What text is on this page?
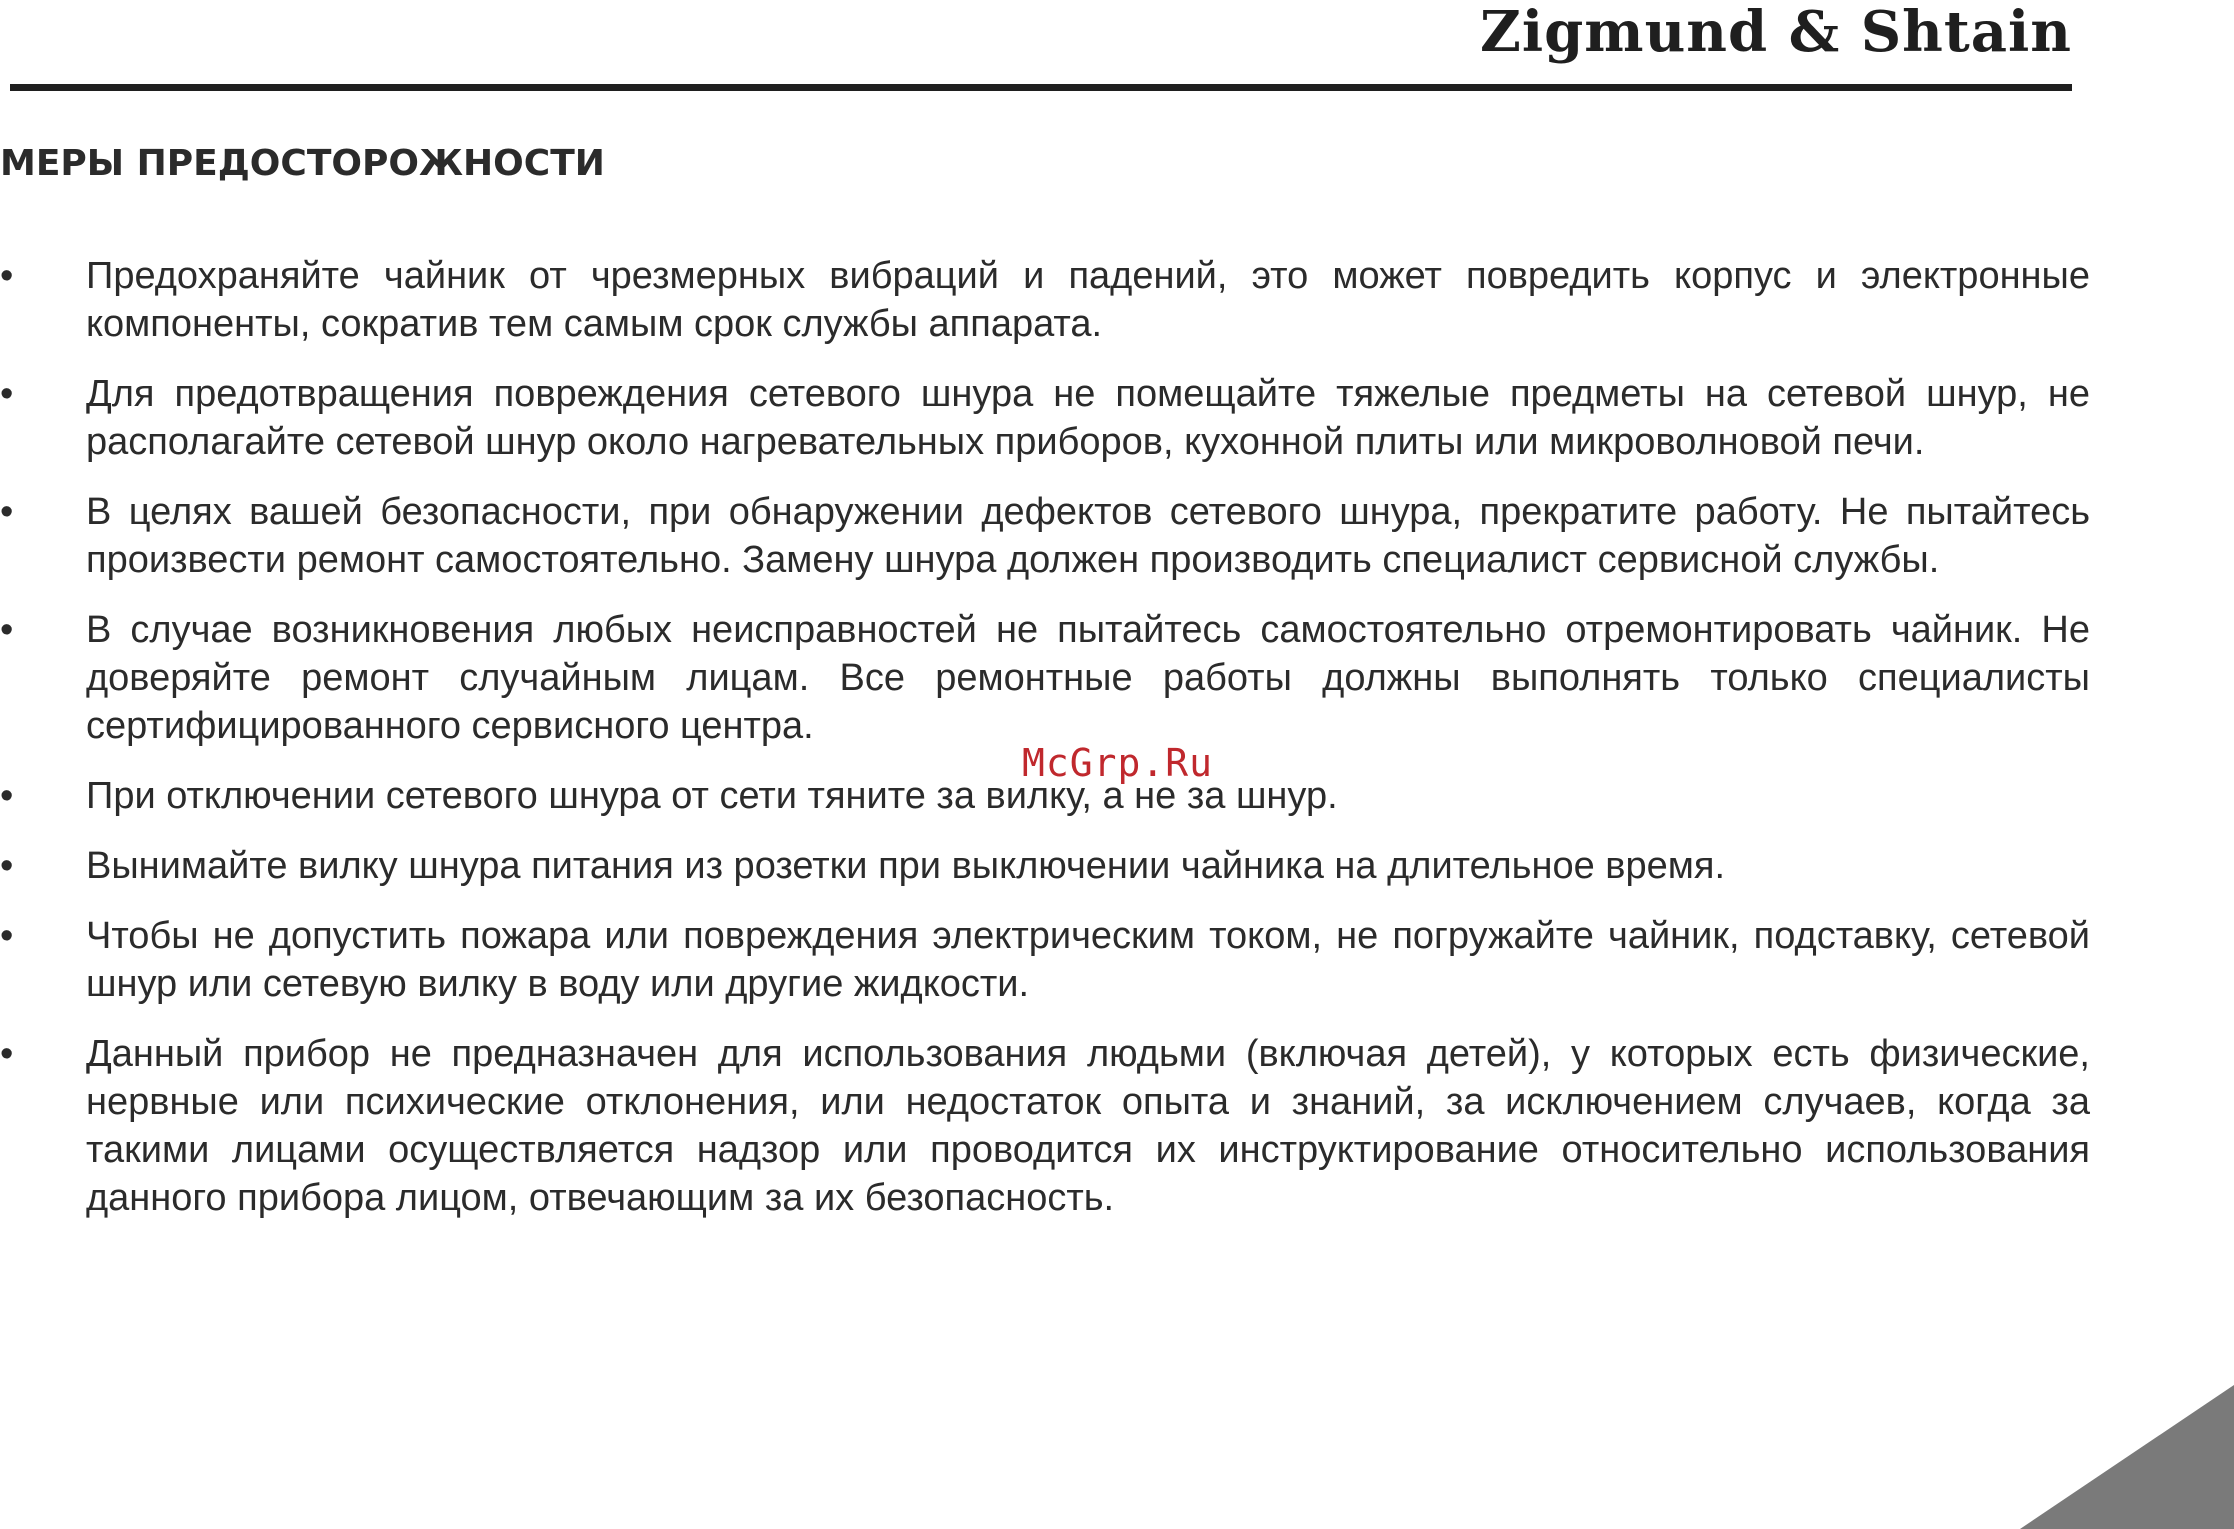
Zigmund & Shtain
МЕРЫ ПРЕДОСТОРОЖНОСТИ
•	Предохраняйте чайник от чрезмерных вибраций и падений, это может повредить корпус и электронные компоненты, сократив тем самым срок службы аппарата.
•	Для предотвращения повреждения сетевого шнура не помещайте тяжелые предметы на сетевой шнур, не располагайте сетевой шнур около нагревательных приборов, кухонной плиты или микроволновой печи.
•	В целях вашей безопасности, при обнаружении дефектов сетевого шнура, прекратите работу. Не пытайтесь произвести ремонт самостоятельно. Замену шнура должен производить специалист сервисной службы.
•	В случае возникновения любых неисправностей не пытайтесь самостоятельно отремонтировать чайник. Не доверяйте ремонт случайным лицам. Все ремонтные работы должны выполнять только специалисты сертифицированного сервисного центра.
•	При отключении сетевого шнура от сети тяните за вилку, а не за шнур.
•	Вынимайте вилку шнура питания из розетки при выключении чайника на длительное время.
•	Чтобы не допустить пожара или повреждения электрическим током, не погружайте чайник, подставку, сетевой шнур или сетевую вилку в воду или другие жидкости.
•	Данный прибор не предназначен для использования людьми (включая детей), у которых есть физические, нервные или психические отклонения, или недостаток опыта и знаний, за исключением случаев, когда за такими лицами осуществляется надзор или проводится их инструктирование относительно использования данного прибора лицом, отвечающим за их безопасность.
McGrp.Ru
